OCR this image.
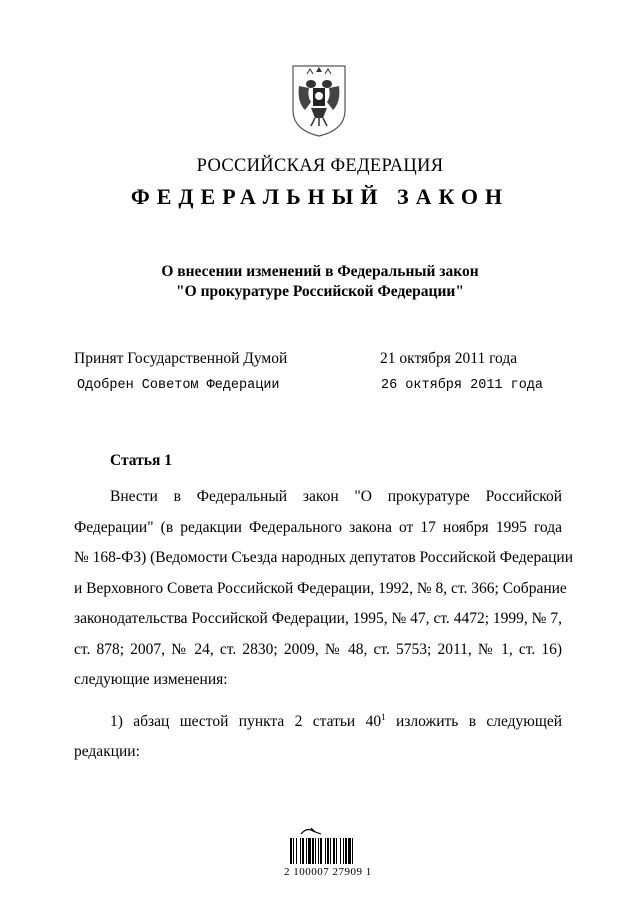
РОССИЙСКАЯ ФЕДЕРАЦИЯ
ФЕДЕРАЛЬНЫЙ ЗАКОН
О внесении изменений в Федеральный закон
"О прокуратуре Российской Федерации"
Принят Государственной Думой	21 октября 2011 года
Одобрен Советом Федерации	26 октября 2011 года
Статья 1
Внести в Федеральный закон "О прокуратуре Российской
Федерации" (в редакции Федерального закона от 17 ноября 1995 года
№ 168-ФЗ) (Ведомости Съезда народных депутатов Российской Федерации
и Верховного Совета Российской Федерации, 1992, № 8, ст. 366; Собрание
законодательства Российской Федерации, 1995, № 47, ст. 4472; 1999, № 7,
ст. 878; 2007, № 24, ст. 2830; 2009, № 48, ст. 5753; 2011, № 1, ст. 16)
следующие изменения:
1) абзац шестой пункта 2 статьи $40^1$ изложить в следующей
редакции:
2 100007 27909 1
